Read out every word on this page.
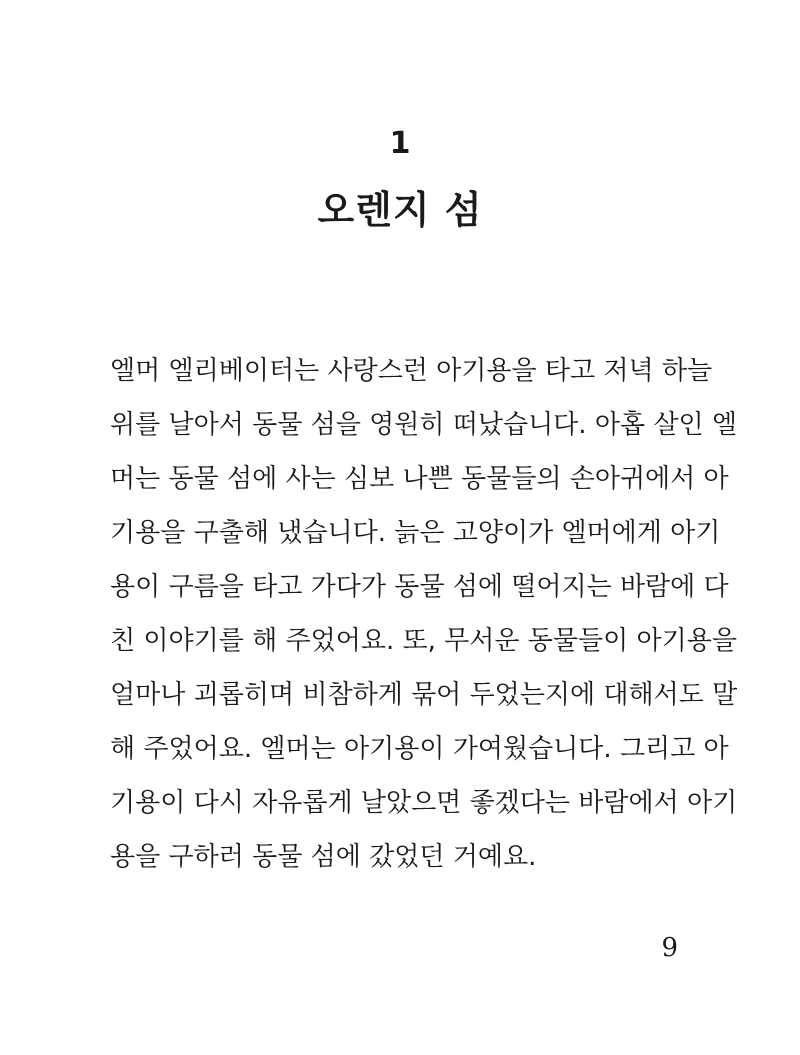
1
오렌지 섬
엘머 엘리베이터는 사랑스런 아기용을 타고 저녁 하늘
위를 날아서 동물 섬을 영원히 떠났습니다. 아홉 살인 엘
머는 동물 섬에 사는 심보 나쁜 동물들의 손아귀에서 아
기용을 구출해 냈습니다. 늙은 고양이가 엘머에게 아기
용이 구름을 타고 가다가 동물 섬에 떨어지는 바람에 다
친 이야기를 해 주었어요. 또, 무서운 동물들이 아기용을
얼마나 괴롭히며 비참하게 묶어 두었는지에 대해서도 말
해 주었어요. 엘머는 아기용이 가여웠습니다. 그리고 아
기용이 다시 자유롭게 날았으면 좋겠다는 바람에서 아기
용을 구하러 동물 섬에 갔었던 거예요.
9
